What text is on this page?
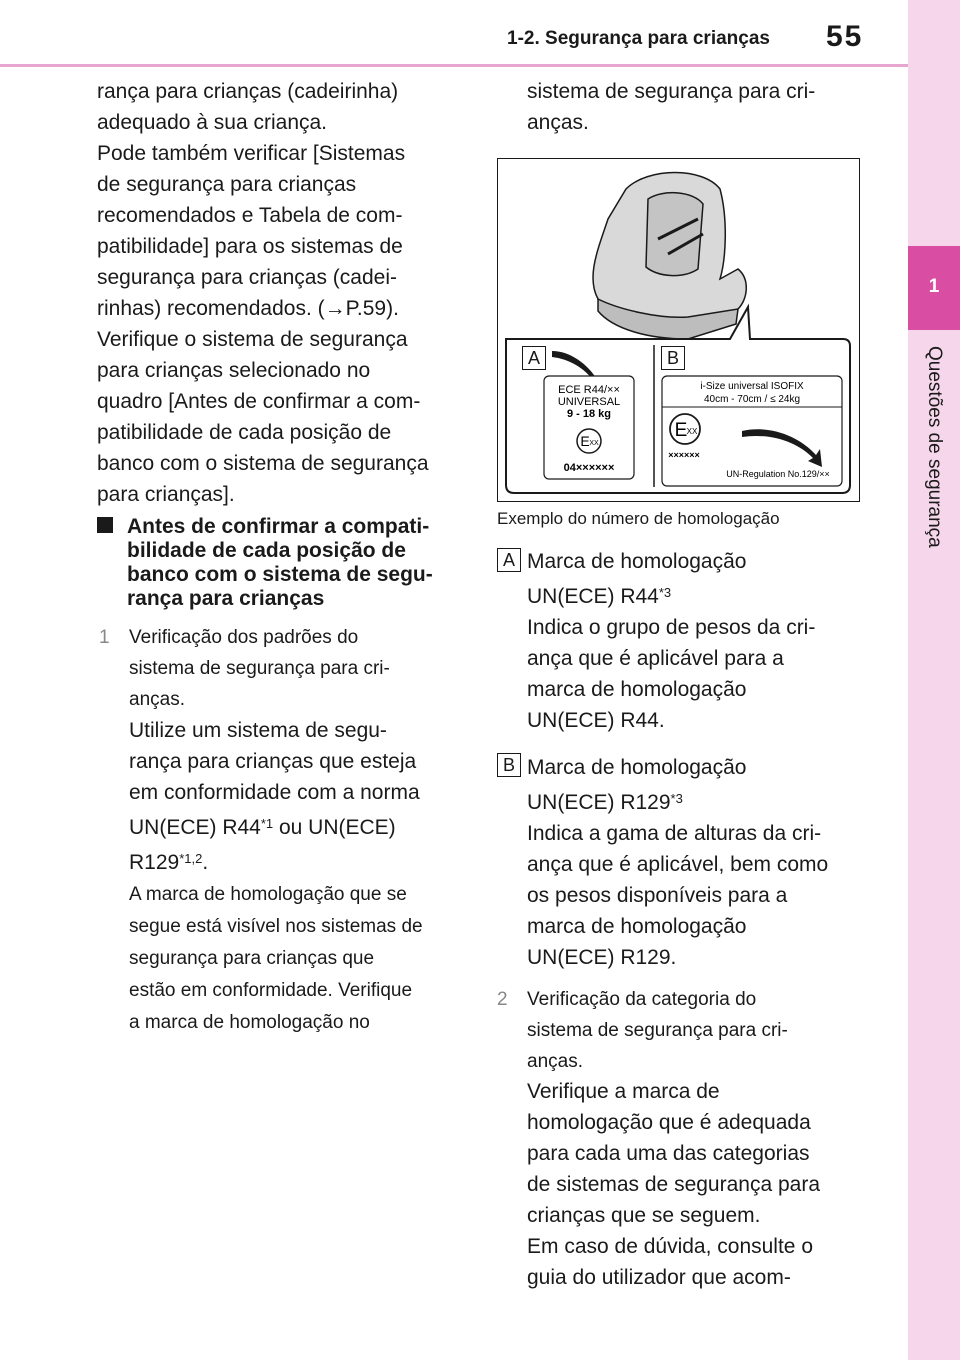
1-2. Segurança para crianças 55
1
Questões de segurança
rança para crianças (cadeirinha)
adequado à sua criança.
Pode também verificar [Sistemas
de segurança para crianças
recomendados e Tabela de com-
patibilidade] para os sistemas de
segurança para crianças (cadei-
rinhas) recomendados. (→P.59).
Verifique o sistema de segurança
para crianças selecionado no
quadro [Antes de confirmar a com-
patibilidade de cada posição de
banco com o sistema de segurança
para crianças].
Antes de confirmar a compati-
bilidade de cada posição de
banco com o sistema de segu-
rança para crianças
1 Verificação dos padrões do
sistema de segurança para cri-
anças.
Utilize um sistema de segu-
rança para crianças que esteja
em conformidade com a norma
UN(ECE) R44$^{*1}$ ou UN(ECE)
R129$^{*1,2}$.
A marca de homologação que se
segue está visível nos sistemas de
segurança para crianças que
estão em conformidade. Verifique
a marca de homologação no
sistema de segurança para cri-
anças.
ECE R44/××
UNIVERSAL
9 - 18 kg
E XX
04××××××
i-Size universal ISOFIX
40cm - 70cm / ≤ 24kg
E XX
××××××
UN-Regulation No.129/××
A	B
Exemplo do número de homologação
A Marca de homologação
UN(ECE) R44$^{*3}$
Indica o grupo de pesos da cri-
ança que é aplicável para a
marca de homologação
UN(ECE) R44.
B Marca de homologação
UN(ECE) R129$^{*3}$
Indica a gama de alturas da cri-
ança que é aplicável, bem como
os pesos disponíveis para a
marca de homologação
UN(ECE) R129.
2 Verificação da categoria do
sistema de segurança para cri-
anças.
Verifique a marca de
homologação que é adequada
para cada uma das categorias
de sistemas de segurança para
crianças que se seguem.
Em caso de dúvida, consulte o
guia do utilizador que acom-
